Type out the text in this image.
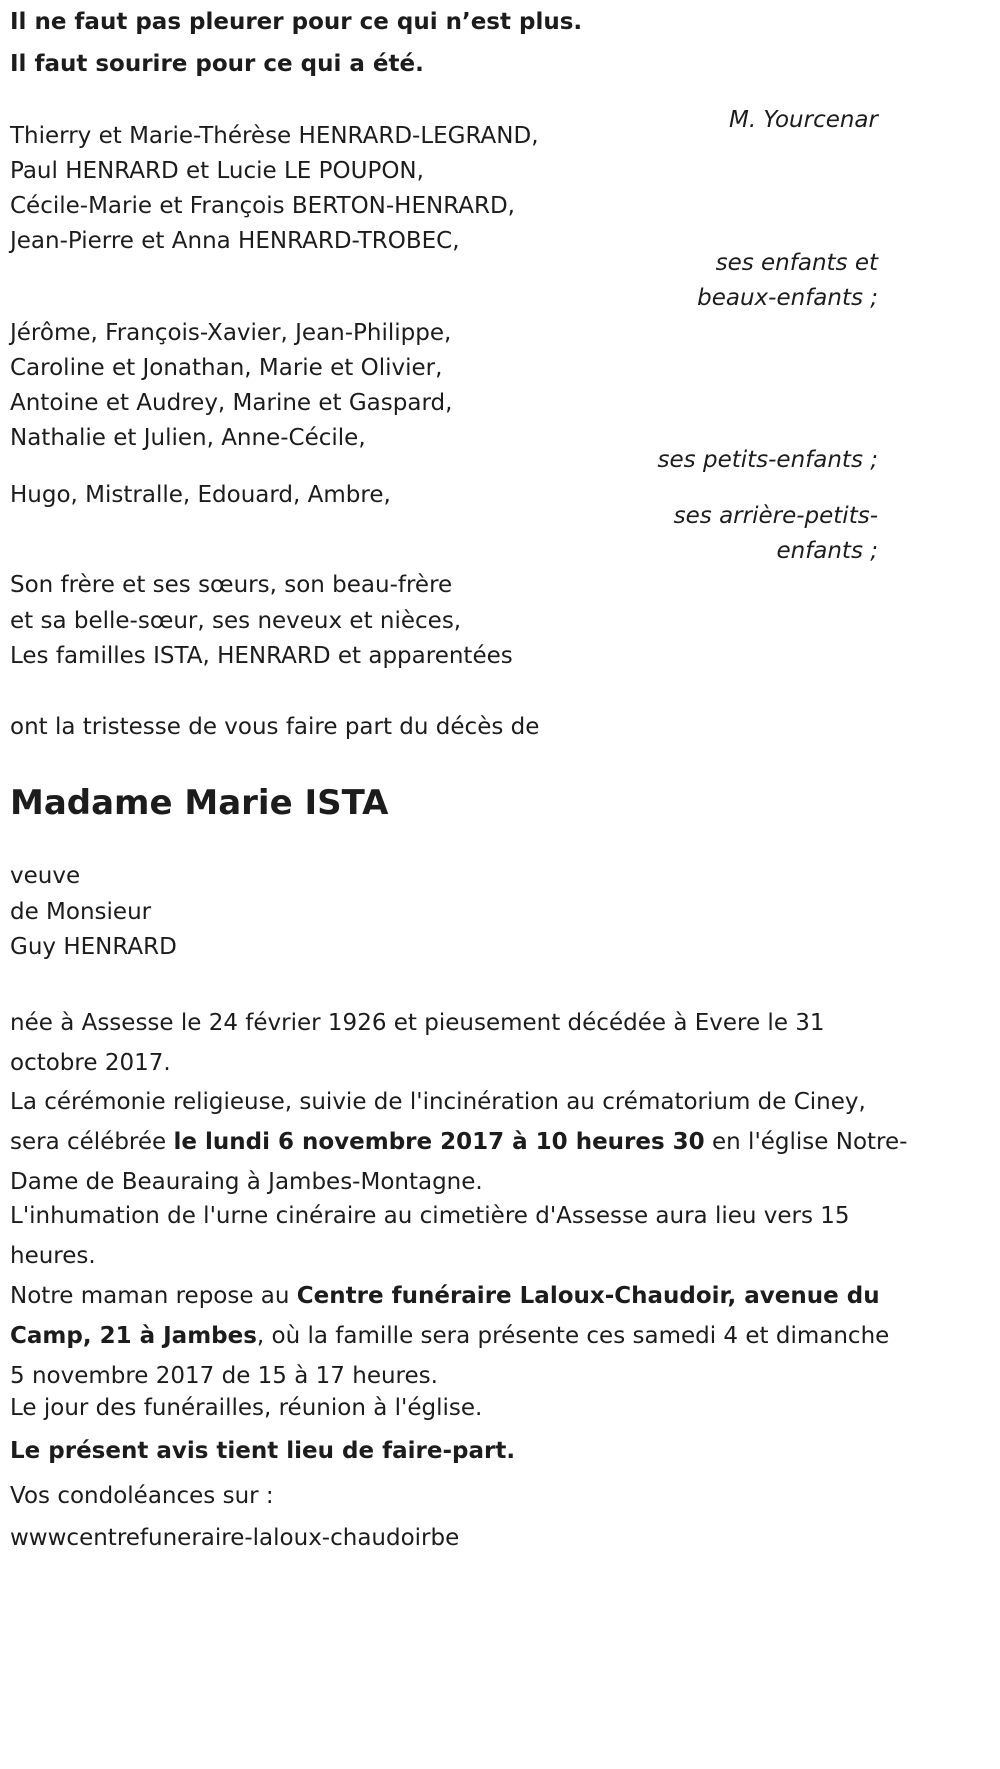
Il ne faut pas pleurer pour ce qui n’est plus.

Il faut sourire pour ce qui a été.

M. Yourcenar

Thierry et Marie-Thérèse HENRARD-LEGRAND,

Paul HENRARD et Lucie LE POUPON,

Cécile-Marie et François BERTON-HENRARD,

Jean-Pierre et Anna HENRARD-TROBEC,

ses enfants et

beaux-enfants ;

Jérôme, François-Xavier, Jean-Philippe,

Caroline et Jonathan, Marie et Olivier,

Antoine et Audrey, Marine et Gaspard,

Nathalie et Julien, Anne-Cécile,

ses petits-enfants ;

Hugo, Mistralle, Edouard, Ambre,

ses arrière-petits-

enfants ;

Son frère et ses sœurs, son beau-frère

et sa belle-sœur, ses neveux et nièces,

Les familles ISTA, HENRARD et apparentées

ont la tristesse de vous faire part du décès de

Madame Marie ISTA

veuve

de Monsieur

Guy HENRARD

née à Assesse le 24 février 1926 et pieusement décédée à Evere le 31 octobre 2017.

La cérémonie religieuse, suivie de l'incinération au crématorium de Ciney, sera célébrée le lundi 6 novembre 2017 à 10 heures 30 en l'église Notre-Dame de Beauraing à Jambes-Montagne.

L'inhumation de l'urne cinéraire au cimetière d'Assesse aura lieu vers 15 heures.

Notre maman repose au Centre funéraire Laloux-Chaudoir, avenue du Camp, 21 à Jambes, où la famille sera présente ces samedi 4 et dimanche 5 novembre 2017 de 15 à 17 heures.

Le jour des funérailles, réunion à l'église.

Le présent avis tient lieu de faire-part.

Vos condoléances sur :

wwwcentrefuneraire-laloux-chaudoirbe
